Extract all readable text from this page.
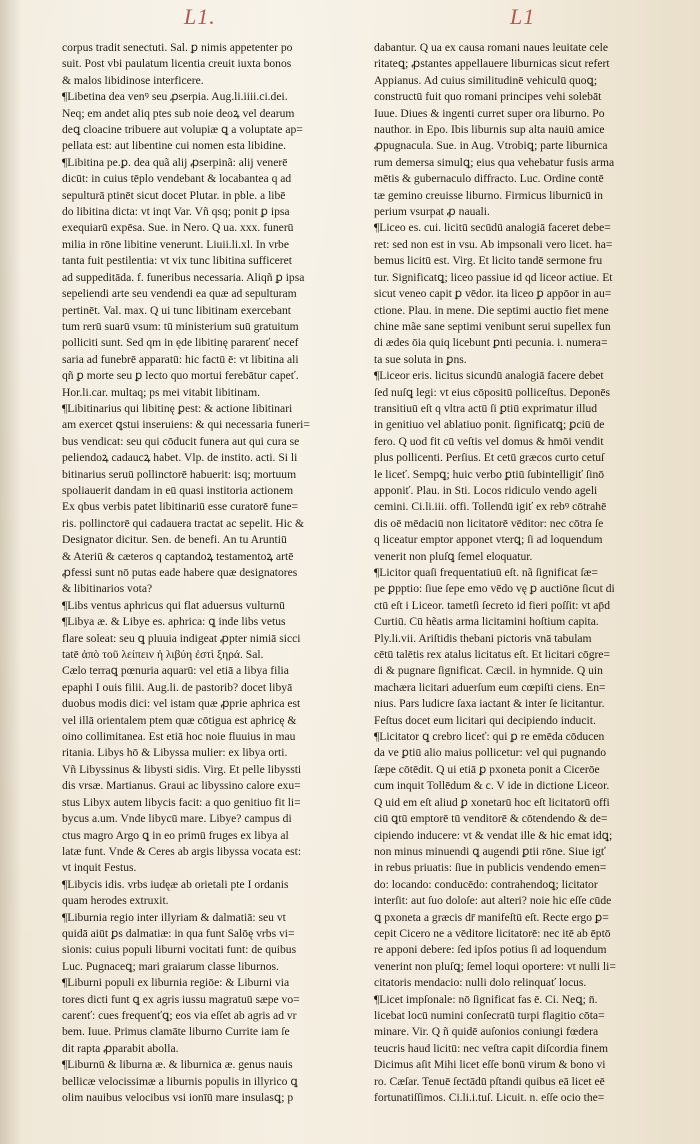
L1.	L1
corpus tradit senectuti. Sal. ꝑ nimis appetenter po
suit. Post vbi paulatum licentia creuit iuxta bonos
& malos libidinose interficere.
¶Libetina dea venꝰ seu ꝓserpia. Aug.li.iiii.ci.dei.
Neq; em andet aliq ptes sub noie deoꝝ vel dearum
deꝗ cloacine tribuere aut volupiæ ꝗ a voluptate ap=
pellata est: aut libentine cui nomen esta libidine.
¶Libitina pe.ꝑ. dea quã alij ꝓserpinã: alij venerē
dicūt: in cuius tēplo vendebant & locabantea q ad
sepulturā ptinēt sicut docet Plutar. in pble. a libē
do libitina dicta: vt inqt Var. Vñ qsq; ponit ꝑ ipsa
exequiarū expēsa. Sue. in Nero. Q ua. xxx. funerū
milia in rōne libitine venerunt. Liuii.li.xl. In vrbe
tanta fuit pestilentia: vt vix tunc libitina sufficeret
ad suppeditāda. f. funeribus necessaria. Aliqñ ꝑ ipsa
sepeliendi arte seu vendendi ea quæ ad sepulturam
pertinēt. Val. max. Q ui tunc libitinam exercebant
tum rerū suarū vsum: tū ministerium suū gratuitum
polliciti sunt. Sed qm in ęde libitinę pararenť necef
saria ad funebrē apparatū: hic factū ē: vt libitina ali
qñ ꝑ morte seu ꝑ lecto quo mortui ferebātur capeť.
Hor.li.car. multaq; ps mei vitabit libitinam.
¶Libitinarius qui libitinę ꝑest: & actione libitinari
am exercet ꝗstui inseruiens: & qui necessaria funeri=
bus vendicat: seu qui cōducit funera aut qui cura se
peliendoꝝ cadaucꝝ habet. Vlp. de instito. acti. Si li
bitinarius seruū pollinctorē habuerit: isq; mortuum
spoliauerit dandam in eū quasi institoria actionem
Ex qbus verbis patet libitinariū esse curatorē fune=
ris. pollinctorē qui cadauera tractat ac sepelit. Hic &
Designator dicitur. Sen. de benefi. An tu Aruntiū
& Ateriū & cæteros q captandoꝝ testamentoꝝ artē
ꝓfessi sunt nō putas eade habere quæ designatores
& libitinarios vota?
¶Libs ventus aphricus qui flat aduersus vulturnū
¶Libya æ. & Libye es. aphrica: ꝗ inde libs vetus
flare soleat: seu ꝗ pluuia indigeat ꝓpter nimiā sicci
tatē ἀπὸ τοῦ λείπειν ἡ λιβύη ἐστὶ ξηρά. Sal.
Cælo terraꝗ pœnuria aquarū: vel etiā a libya filia
epaphi I ouis filii. Aug.li. de pastorib? docet libyā
duobus modis dici: vel istam quæ ꝓprie aphrica est
vel illā orientalem ptem quæ cōtigua est aphricę &
oino collimitanea. Est etiā hoc noie fluuius in mau
ritania. Libys hō & Libyssa mulier: ex libya orti.
Vñ Libyssinus & libysti sidis. Virg. Et pelle libyssti
dis vrsæ. Martianus. Graui ac libyssino calore exu=
stus Libyx autem libycis facit: a quo genitiuo fit li=
bycus a.um. Vnde libycū mare. Libye? campus di
ctus magro Argo ꝗ in eo primū fruges ex libya al
latæ funt. Vnde & Ceres ab argis libyssa vocata est:
vt inquit Festus.
¶Libycis idis. vrbs iudęæ ab orietali pte I ordanis
quam herodes extruxit.
¶Liburnia regio inter illyriam & dalmatiā: seu vt
quidā aiūt ꝑs dalmatiæ: in qua funt Salōę vrbs vi=
sionis: cuius populi liburni vocitati funt: de quibus
Luc. Pugnaceꝗ; mari graiarum classe liburnos.
¶Liburni populi ex liburnia regiōe: & Liburni via
tores dicti funt ꝗ ex agris iussu magratuū sæpe vo=
carenť: cues frequenťꝗ; eos via eſſet ab agris ad vr
bem. Iuue. Primus clamāte liburno Currite iam ſe
dit rapta ꝓparabit abolla.
¶Liburnū & liburna æ. & liburnica æ. genus nauis
bellicæ velocissimæ a liburnis populis in illyrico ꝗ
olim nauibus velocibus vsi ionīū mare insulasꝗ; p
dabantur. Q ua ex causa romani naues leuitate cele
ritateꝗ; ꝓstantes appellauere liburnicas sicut refert
Appianus. Ad cuius similitudinē vehiculū quoꝗ;
constructū fuit quo romani principes vehi solebāt
Iuue. Diues & ingenti curret super ora liburno. Po
nauthor. in Epo. Ibis liburnis sup alta nauiū amice
ꝓpugnacula. Sue. in Aug. Vtrobiꝗ; parte liburnica
rum demersa simulꝗ; eius qua vehebatur fusis arma
mētis & gubernaculo diffracto. Luc. Ordine contē
tæ gemino creuisse liburno. Firmicus liburnicū in
perium vsurpat ꝓ nauali.
¶Liceo es. cui. licitū secūdū analogiā faceret debe=
ret: sed non est in vsu. Ab impsonali vero licet. ha=
bemus licitū est. Virg. Et licito tandē sermone fru
tur. Significatꝗ; liceo passiue id qd liceor actiue. Et
sicut veneo capit ꝑ vēdor. ita liceo ꝑ appōor in au=
ctione. Plau. in mene. Die septimi auctio fiet mene
chine mãe sane septimi venibunt serui supellex fun
di ædes ōia quiq licebunt ꝑnti pecunia. i. numera=
ta sue soluta in ꝑns.
¶Liceor eris. licitus sicundū analogiā facere debet
ſed nuſꝗ legi: vt eius cōpositū polliceſtus. Deponēs
transitiuū eſt q vltra actū ſi ꝑtiū exprimatur illud
in genitiuo vel ablatiuo ponit. ſignificatꝗ; ꝑciū de
fero. Q uod fit cū veſtis vel domus & hmōi vendit
plus pollicenti. Perſius. Et cetū græcos curto cetuſ
le liceť. Sempꝗ; huic verbo ꝑtiū ſubintelligiť ſinō
apponiť. Plau. in Sti. Locos ridiculo vendo ageli
cemini. Ci.li.iii. offi. Tollendū igiť ex rebꝰ cōtrahē
dis oē mēdaciū non licitatorē vēditor: nec cōtra ſe
q liceatur emptor apponet vterꝗ; ſi ad loquendum
venerit non pluſꝗ ſemel eloquatur.
¶Licitor quaſi frequentatiuū eſt. nã ſignificat ſæ=
pe ꝑpptio: ſiue ſepe emo vēdo vę ꝑ auctiōne ſicut di
ctū eſt i Liceor. tametſi ſecreto id fieri poſſit: vt ap̄d
Curtiū. Cū hẽatis arma licitamini hoſtium capita.
Ply.li.vii. Ariſtidis thebani pictoris vnā tabulam
cētū talētis rex atalus licitatus eſt. Et licitari cōgre=
di & pugnare ſignificat. Cæcil. in hymnide. Q uin
machæra licitari aduerſum eum cœpiſti ciens. En=
nius. Pars ludicre ſaxa iactant & inter ſe licitantur.
Feſtus docet eum licitari qui decipiendo inducit.
¶Licitator ꝗ crebro liceť: qui ꝑ re emēda cōducen
da ve ꝑtiū alio maius pollicetur: vel qui pugnando
ſæpe cōtēdit. Q ui etiā ꝑ pxoneta ponit a Cicerōe
cum inquit Tollēdum & c. V ide in dictione Liceor.
Q uid em eſt aliud ꝑ xonetarū hoc eſt licitatorū offi
ciū ꝗtū emptorē tū venditorē & cōtendendo & de=
cipiendo inducere: vt & vendat ille & hic emat idꝗ;
non minus minuendi ꝗ augendi ꝑtii rōne. Siue igť
in rebus priuatis: ſiue in publicis vendendo emen=
do: locando: conducēdo: contrahendoꝗ; licitator
interſit: aut ſuo doloſe: aut alteri? noie hic eſſe cūde
ꝗ pxoneta a græcis dr̄ manifeſtū eſt. Recte ergo ꝑ=
cepit Cicero ne a vēditore licitatorē: nec itē ab ēptō
re apponi debere: ſed ipſos potius ſi ad loquendum
venerint non pluſꝗ; ſemel loqui oportere: vt nulli li=
citatoris mendacio: nulli dolo relinquať locus.
¶Licet impſonale: nō ſignificat fas ē. Ci. Neꝗ; n̄.
licebat locū numini conſecratū turpi flagitio cōta=
minare. Vir. Q ñ quidē auſonios coniungi fœdera
teucris haud licitū: nec veſtra capit diſcordia finem
Dicimus aſit Mihi licet eſſe bonū virum & bono vi
ro. Cæſar. Tenuē ſectādū pſtandi quibus eā licet eē
fortunatiſſimos. Ci.li.i.tuſ. Licuit. n. eſſe ocio the=
